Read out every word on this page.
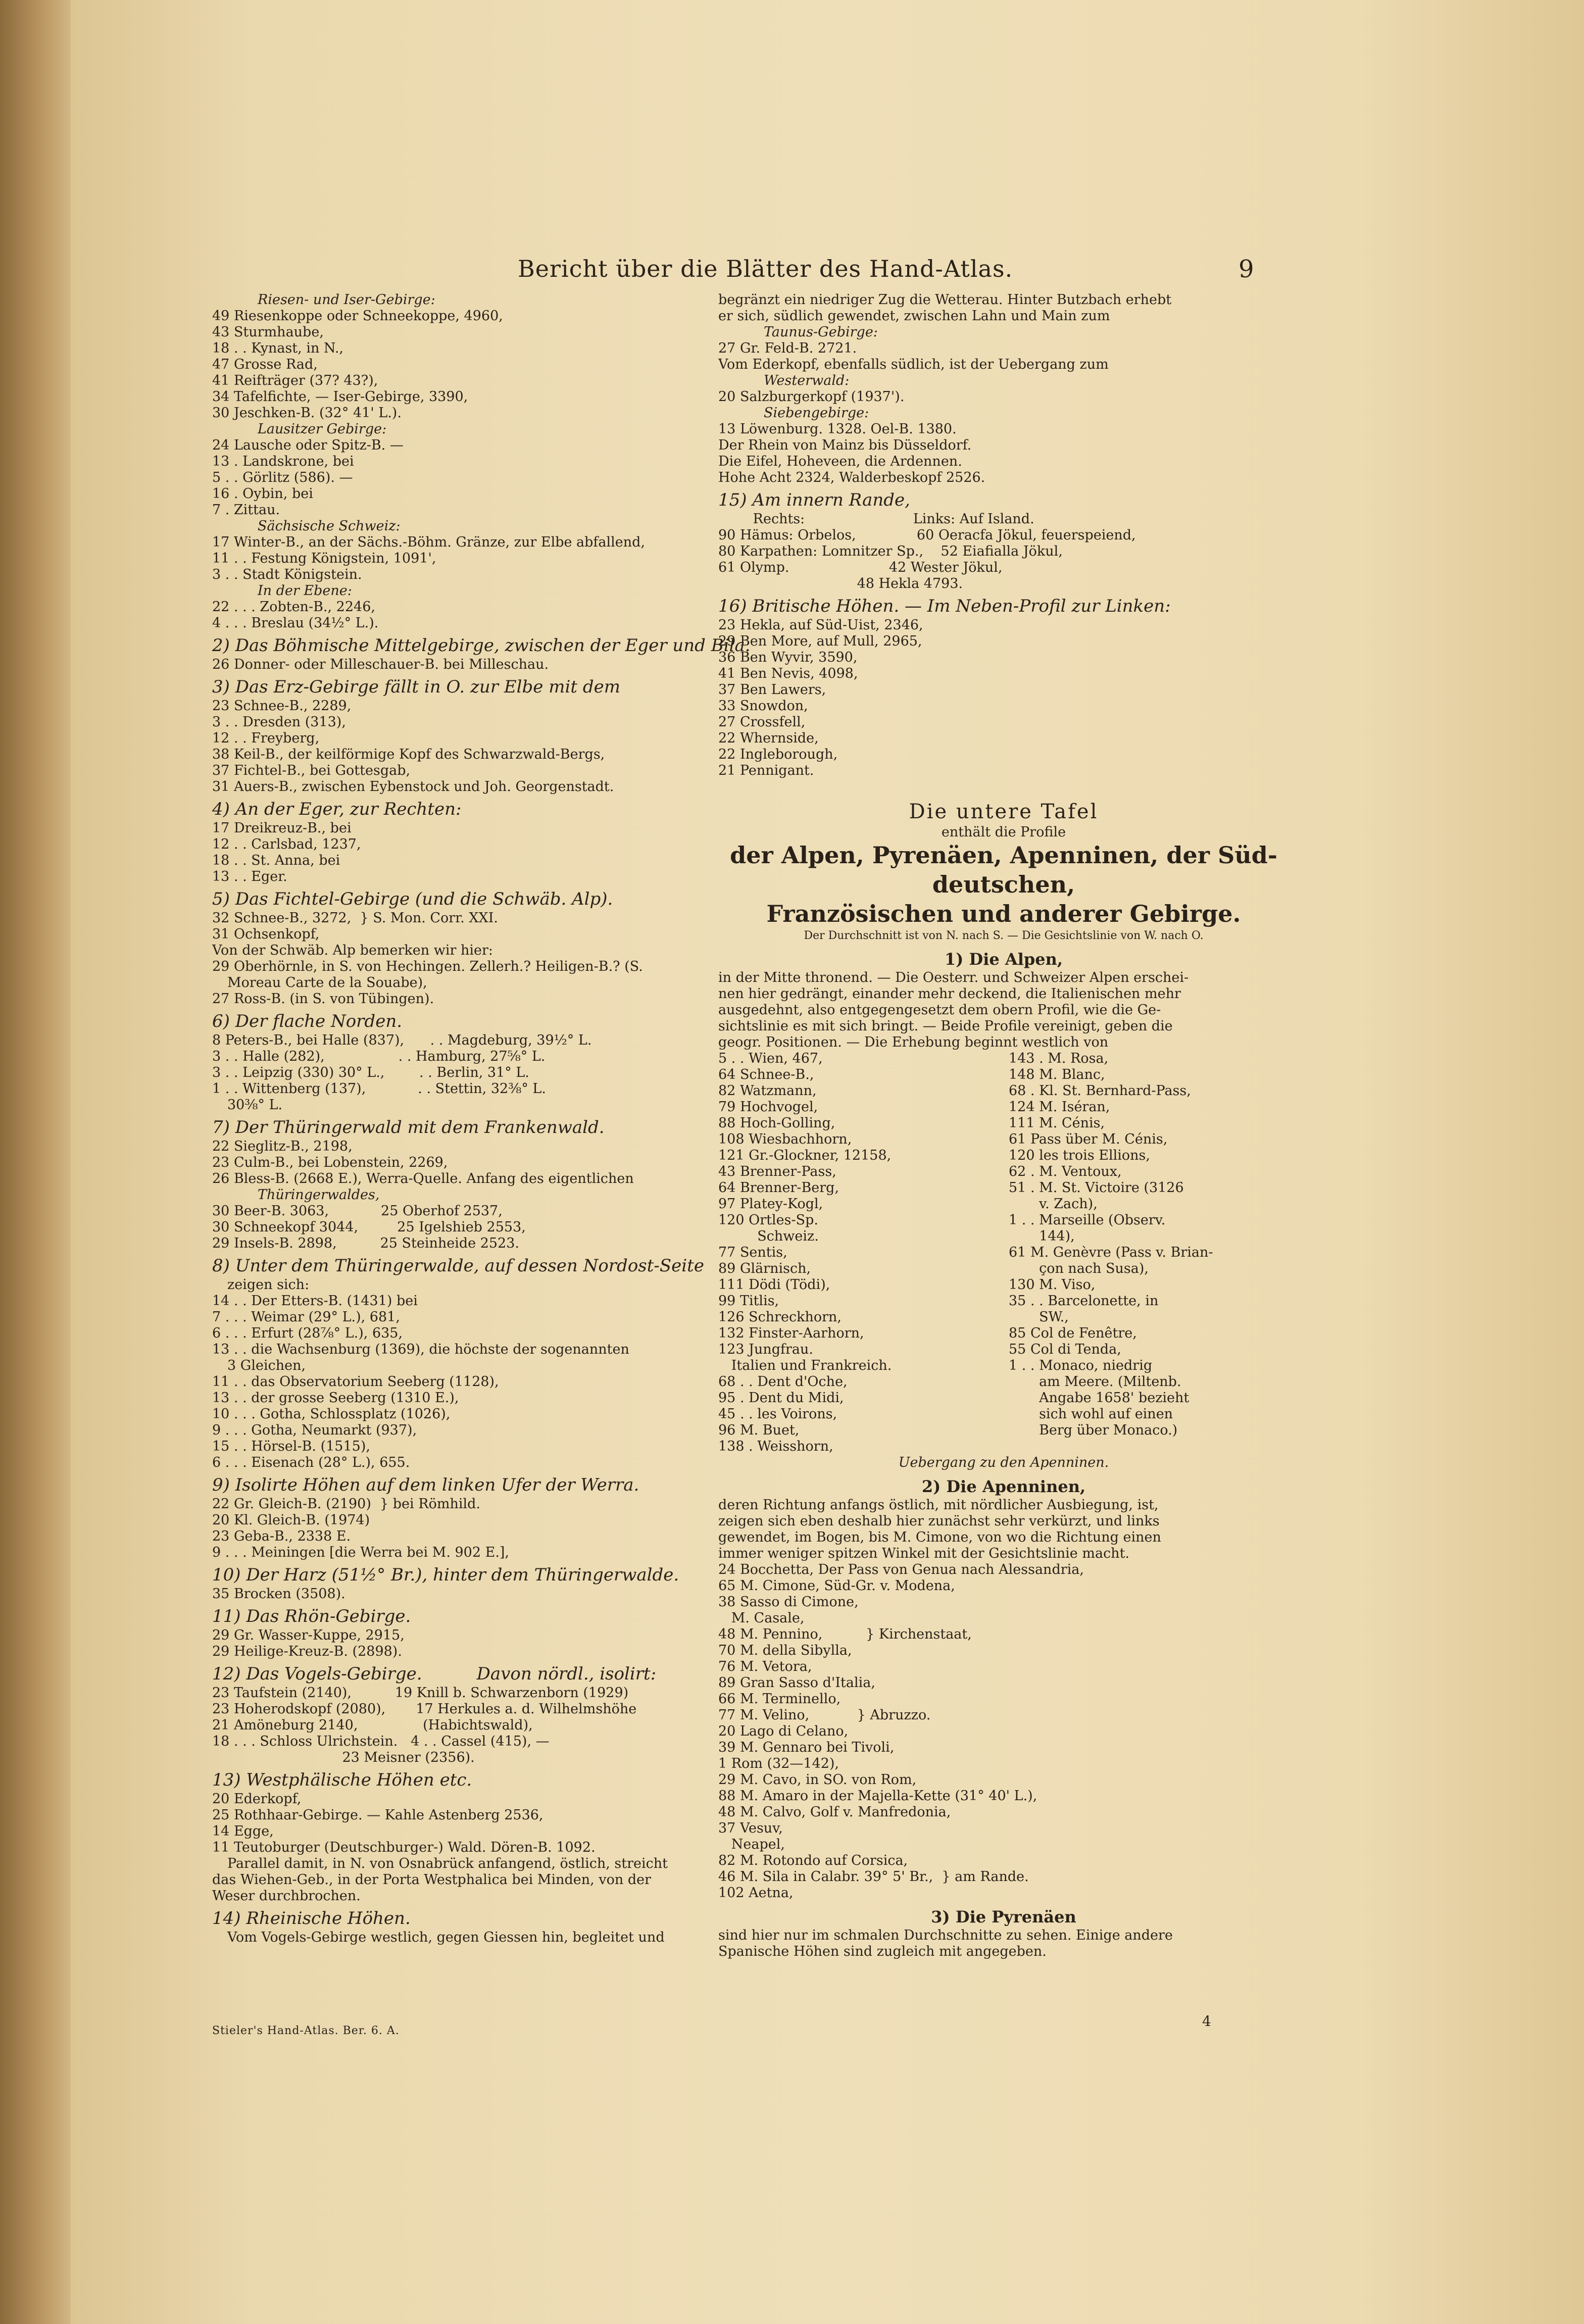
Bericht über die Blätter des Hand-Atlas.	9
Riesen- und Iser-Gebirge:
49 Riesenkoppe oder Schneekoppe, 4960,
43 Sturmhaube,
18 . . Kynast, in N.,
47 Grosse Rad,
41 Reifträger (37? 43?),
34 Tafelfichte, — Iser-Gebirge, 3390,
30 Jeschken-B. (32° 41' L.).
Lausitzer Gebirge:
24 Lausche oder Spitz-B. —
13 . Landskrone, bei
5 . . Görlitz (586). —
16 . Oybin, bei
7 . Zittau.
Sächsische Schweiz:
17 Winter-B., an der Sächs.-Böhm. Gränze, zur Elbe abfallend,
11 . . Festung Königstein, 1091',
3 . . Stadt Königstein.
In der Ebene:
22 . . . Zobten-B., 2246,
4 . . . Breslau (34½° L.).
2) Das Böhmische Mittelgebirge, zwischen der Eger und Bila.
26 Donner- oder Milleschauer-B. bei Milleschau.
3) Das Erz-Gebirge fällt in O. zur Elbe mit dem
23 Schnee-B., 2289,
3 . . Dresden (313),
12 . . Freyberg,
38 Keil-B., der keilförmige Kopf des Schwarzwald-Bergs,
37 Fichtel-B., bei Gottesgab,
31 Auers-B., zwischen Eybenstock und Joh. Georgenstadt.
4) An der Eger, zur Rechten:
17 Dreikreuz-B., bei
12 . . Carlsbad, 1237,
18 . . St. Anna, bei
13 . . Eger.
5) Das Fichtel-Gebirge (und die Schwäb. Alp).
32 Schnee-B., 3272,  } S. Mon. Corr. XXI.
31 Ochsenkopf,
Von der Schwäb. Alp bemerken wir hier:
29 Oberhörnle, in S. von Hechingen. Zellerh.? Heiligen-B.? (S.
Moreau Carte de la Souabe),
27 Ross-B. (in S. von Tübingen).
6) Der flache Norden.
8 Peters-B., bei Halle (837),      . . Magdeburg, 39½° L.
3 . . Halle (282),                 . . Hamburg, 27⅝° L.
3 . . Leipzig (330) 30° L.,        . . Berlin, 31° L.
1 . . Wittenberg (137),            . . Stettin, 32⅜° L.
30⅜° L.
7) Der Thüringerwald mit dem Frankenwald.
22 Sieglitz-B., 2198,
23 Culm-B., bei Lobenstein, 2269,
26 Bless-B. (2668 E.), Werra-Quelle. Anfang des eigentlichen
Thüringerwaldes,
30 Beer-B. 3063,            25 Oberhof 2537,
30 Schneekopf 3044,         25 Igelshieb 2553,
29 Insels-B. 2898,          25 Steinheide 2523.
8) Unter dem Thüringerwalde, auf dessen Nordost-Seite
zeigen sich:
14 . . Der Etters-B. (1431) bei
7 . . . Weimar (29° L.), 681,
6 . . . Erfurt (28⅞° L.), 635,
13 . . die Wachsenburg (1369), die höchste der sogenannten
3 Gleichen,
11 . . das Observatorium Seeberg (1128),
13 . . der grosse Seeberg (1310 E.),
10 . . . Gotha, Schlossplatz (1026),
9 . . . Gotha, Neumarkt (937),
15 . . Hörsel-B. (1515),
6 . . . Eisenach (28° L.), 655.
9) Isolirte Höhen auf dem linken Ufer der Werra.
22 Gr. Gleich-B. (2190)  } bei Römhild.
20 Kl. Gleich-B. (1974)
23 Geba-B., 2338 E.
9 . . . Meiningen [die Werra bei M. 902 E.],
10) Der Harz (51½° Br.), hinter dem Thüringerwalde.
35 Brocken (3508).
11) Das Rhön-Gebirge.
29 Gr. Wasser-Kuppe, 2915,
29 Heilige-Kreuz-B. (2898).
12) Das Vogels-Gebirge.          Davon nördl., isolirt:
23 Taufstein (2140),          19 Knill b. Schwarzenborn (1929)
23 Hoherodskopf (2080),       17 Herkules a. d. Wilhelmshöhe
21 Amöneburg 2140,               (Habichtswald),
18 . . . Schloss Ulrichstein.   4 . . Cassel (415), —
23 Meisner (2356).
13) Westphälische Höhen etc.
20 Ederkopf,
25 Rothhaar-Gebirge. — Kahle Astenberg 2536,
14 Egge,
11 Teutoburger (Deutschburger-) Wald. Dören-B. 1092.
Parallel damit, in N. von Osnabrück anfangend, östlich, streicht
das Wiehen-Geb., in der Porta Westphalica bei Minden, von der
Weser durchbrochen.
14) Rheinische Höhen.
Vom Vogels-Gebirge westlich, gegen Giessen hin, begleitet und
begränzt ein niedriger Zug die Wetterau. Hinter Butzbach erhebt
er sich, südlich gewendet, zwischen Lahn und Main zum
Taunus-Gebirge:
27 Gr. Feld-B. 2721.
Vom Ederkopf, ebenfalls südlich, ist der Uebergang zum
Westerwald:
20 Salzburgerkopf (1937').
Siebengebirge:
13 Löwenburg. 1328. Oel-B. 1380.
Der Rhein von Mainz bis Düsseldorf.
Die Eifel, Hoheveen, die Ardennen.
Hohe Acht 2324, Walderbeskopf 2526.
15) Am innern Rande,
Rechts:                         Links: Auf Island.
90 Hämus: Orbelos,              60 Oeracfa Jökul, feuerspeiend,
80 Karpathen: Lomnitzer Sp.,    52 Eiafialla Jökul,
61 Olymp.                       42 Wester Jökul,
48 Hekla 4793.
16) Britische Höhen. — Im Neben-Profil zur Linken:
23 Hekla, auf Süd-Uist, 2346,
29 Ben More, auf Mull, 2965,
36 Ben Wyvir, 3590,
41 Ben Nevis, 4098,
37 Ben Lawers,
33 Snowdon,
27 Crossfell,
22 Whernside,
22 Ingleborough,
21 Pennigant.
Die untere Tafel
enthält die Profile
der Alpen, Pyrenäen, Apenninen, der Süd-deutschen,
Französischen und anderer Gebirge.
Der Durchschnitt ist von N. nach S. — Die Gesichtslinie von W. nach O.
1) Die Alpen,
in der Mitte thronend. — Die Oesterr. und Schweizer Alpen erschei-
nen hier gedrängt, einander mehr deckend, die Italienischen mehr
ausgedehnt, also entgegengesetzt dem obern Profil, wie die Ge-
sichtslinie es mit sich bringt. — Beide Profile vereinigt, geben die
geogr. Positionen. — Die Erhebung beginnt westlich von
5 . . Wien, 467,
64 Schnee-B.,
82 Watzmann,
79 Hochvogel,
88 Hoch-Golling,
108 Wiesbachhorn,
121 Gr.-Glockner, 12158,
43 Brenner-Pass,
64 Brenner-Berg,
97 Platey-Kogl,
120 Ortles-Sp.
Schweiz.
77 Sentis,
89 Glärnisch,
111 Dödi (Tödi),
99 Titlis,
126 Schreckhorn,
132 Finster-Aarhorn,
123 Jungfrau.
Italien und Frankreich.
68 . . Dent d'Oche,
95 . Dent du Midi,
45 . . les Voirons,
96 M. Buet,
138 . Weisshorn,
143 . M. Rosa,
148 M. Blanc,
68 . Kl. St. Bernhard-Pass,
124 M. Iséran,
111 M. Cénis,
61 Pass über M. Cénis,
120 les trois Ellions,
62 . M. Ventoux,
51 . M. St. Victoire (3126
v. Zach),
1 . . Marseille (Observ.
144),
61 M. Genèvre (Pass v. Brian-
çon nach Susa),
130 M. Viso,
35 . . Barcelonette, in
SW.,
85 Col de Fenêtre,
55 Col di Tenda,
1 . . Monaco, niedrig
am Meere. (Miltenb.
Angabe 1658' bezieht
sich wohl auf einen
Berg über Monaco.)
Uebergang zu den Apenninen.
2) Die Apenninen,
deren Richtung anfangs östlich, mit nördlicher Ausbiegung, ist,
zeigen sich eben deshalb hier zunächst sehr verkürzt, und links
gewendet, im Bogen, bis M. Cimone, von wo die Richtung einen
immer weniger spitzen Winkel mit der Gesichtslinie macht.
24 Bocchetta, Der Pass von Genua nach Alessandria,
65 M. Cimone, Süd-Gr. v. Modena,
38 Sasso di Cimone,
M. Casale,
48 M. Pennino,          } Kirchenstaat,
70 M. della Sibylla,
76 M. Vetora,
89 Gran Sasso d'Italia,
66 M. Terminello,
77 M. Velino,           } Abruzzo.
20 Lago di Celano,
39 M. Gennaro bei Tivoli,
1 Rom (32—142),
29 M. Cavo, in SO. von Rom,
88 M. Amaro in der Majella-Kette (31° 40' L.),
48 M. Calvo, Golf v. Manfredonia,
37 Vesuv,
Neapel,
82 M. Rotondo auf Corsica,
46 M. Sila in Calabr. 39° 5' Br.,  } am Rande.
102 Aetna,
3) Die Pyrenäen
sind hier nur im schmalen Durchschnitte zu sehen. Einige andere
Spanische Höhen sind zugleich mit angegeben.
Stieler's Hand-Atlas. Ber. 6. A.
4
